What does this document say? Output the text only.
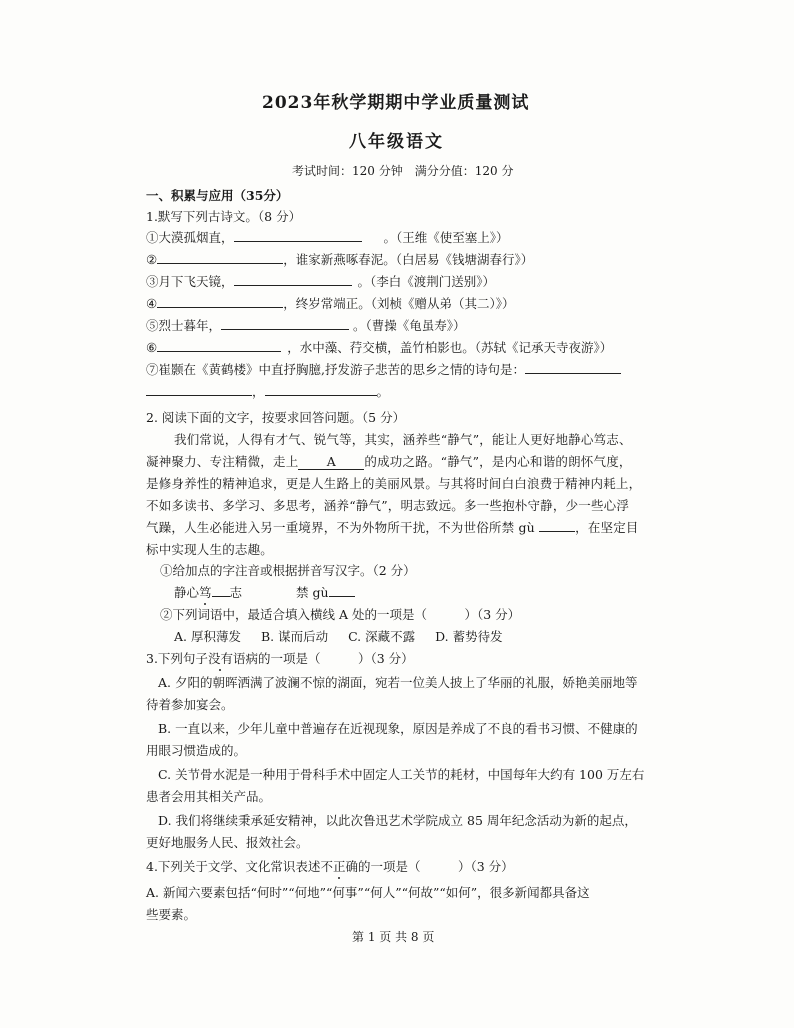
2023年秋学期期中学业质量测试
八年级语文
考试时间：120 分钟　满分分值：120 分
一、积累与应用（35分）
1.默写下列古诗文。（8 分）
①大漠孤烟直，	。（王维《使至塞上》）
②	，谁家新燕啄春泥。（白居易《钱塘湖春行》）
③月下飞天镜，	。（李白《渡荆门送别》）
④	，终岁常端正。（刘桢《赠从弟（其二）》）
⑤烈士暮年，	。（曹操《龟虽寿》）
⑥	，水中藻、荇交横，盖竹柏影也。（苏轼《记承天寺夜游》）
⑦崔颢在《黄鹤楼》中直抒胸臆,抒发游子悲苦的思乡之情的诗句是：
，	。
2. 阅读下面的文字，按要求回答问题。（5 分）
我们常说，人得有才气、锐气等，其实，涵养些“静气”，能让人更好地静心笃志、
凝神聚力、专注精微，走上 A 的成功之路。“静气”，是内心和谐的朗怀气度，
是修身养性的精神追求，更是人生路上的美丽风景。与其将时间白白浪费于精神内耗上，
不如多读书、多学习、多思考，涵养“静气”，明志致远。多一些抱朴守静，少一些心浮
气躁，人生必能进入另一重境界，不为外物所干扰，不为世俗所禁 gù	，在坚定目
标中实现人生的志趣。
①给加点的字注音或根据拼音写汉字。（2 分）
静心笃 志	禁 gù
②下列词语中，最适合填入横线 A 处的一项是（　　　）（3 分）
A. 厚积薄发 B. 谋而后动 C. 深藏不露 D. 蓄势待发
3.下列句子没有语病的一项是（　　　）（3 分）
A. 夕阳的朝晖洒满了波澜不惊的湖面，宛若一位美人披上了华丽的礼服，娇艳美丽地等
待着参加宴会。
B. 一直以来，少年儿童中普遍存在近视现象，原因是养成了不良的看书习惯、不健康的
用眼习惯造成的。
C. 关节骨水泥是一种用于骨科手术中固定人工关节的耗材，中国每年大约有 100 万左右
患者会用其相关产品。
D. 我们将继续秉承延安精神，以此次鲁迅艺术学院成立 85 周年纪念活动为新的起点，
更好地服务人民、报效社会。
4.下列关于文学、文化常识表述不正确的一项是（　　　）（3 分）
A. 新闻六要素包括“何时”“何地”“何事”“何人”“何故”“如何”，很多新闻都具备这
些要素。
第 1 页 共 8 页
